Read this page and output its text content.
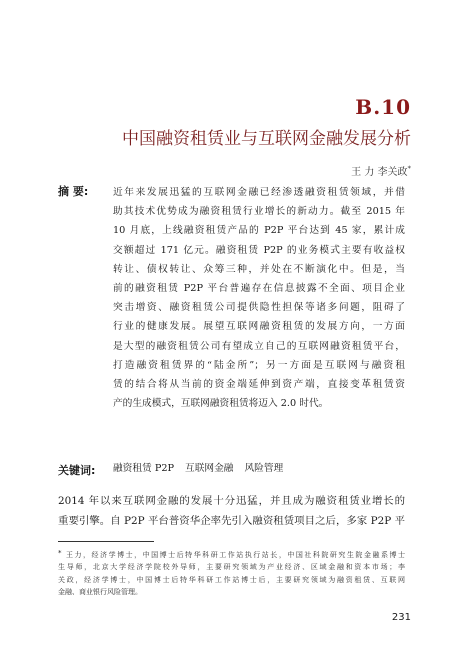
B.10
中国融资租赁业与互联网金融发展分析
王 力 李关政*
摘 要:	近年来发展迅猛的互联网金融已经渗透融资租赁领域，并借
助其技术优势成为融资租赁行业增长的新动力。截至 2015 年
10 月底，上线融资租赁产品的 P2P 平台达到 45 家，累计成
交额超过 171 亿元。融资租赁 P2P 的业务模式主要有收益权
转让、债权转让、众筹三种，并处在不断演化中。但是，当
前的融资租赁 P2P 平台普遍存在信息披露不全面、项目企业
突击增资、融资租赁公司提供隐性担保等诸多问题，阻碍了
行业的健康发展。展望互联网融资租赁的发展方向，一方面
是大型的融资租赁公司有望成立自己的互联网融资租赁平台，
打造融资租赁界的“陆金所”；另一方面是互联网与融资租
赁的结合将从当前的资金端延伸到资产端，直接变革租赁资
产的生成模式，互联网融资租赁将迈入 2.0 时代。
关键词: 融资租赁 P2P 互联网金融 风险管理
2014 年以来互联网金融的发展十分迅猛，并且成为融资租赁业增长的
重要引擎。自 P2P 平台普资华企率先引入融资租赁项目之后，多家 P2P 平
* 王力，经济学博士，中国博士后特华科研工作站执行站长，中国社科院研究生院金融系博士
生导师，北京大学经济学院校外导师，主要研究领域为产业经济、区域金融和资本市场；李
关政，经济学博士，中国博士后特华科研工作站博士后，主要研究领域为融资租赁、互联网
金融、商业银行风险管理。
231
